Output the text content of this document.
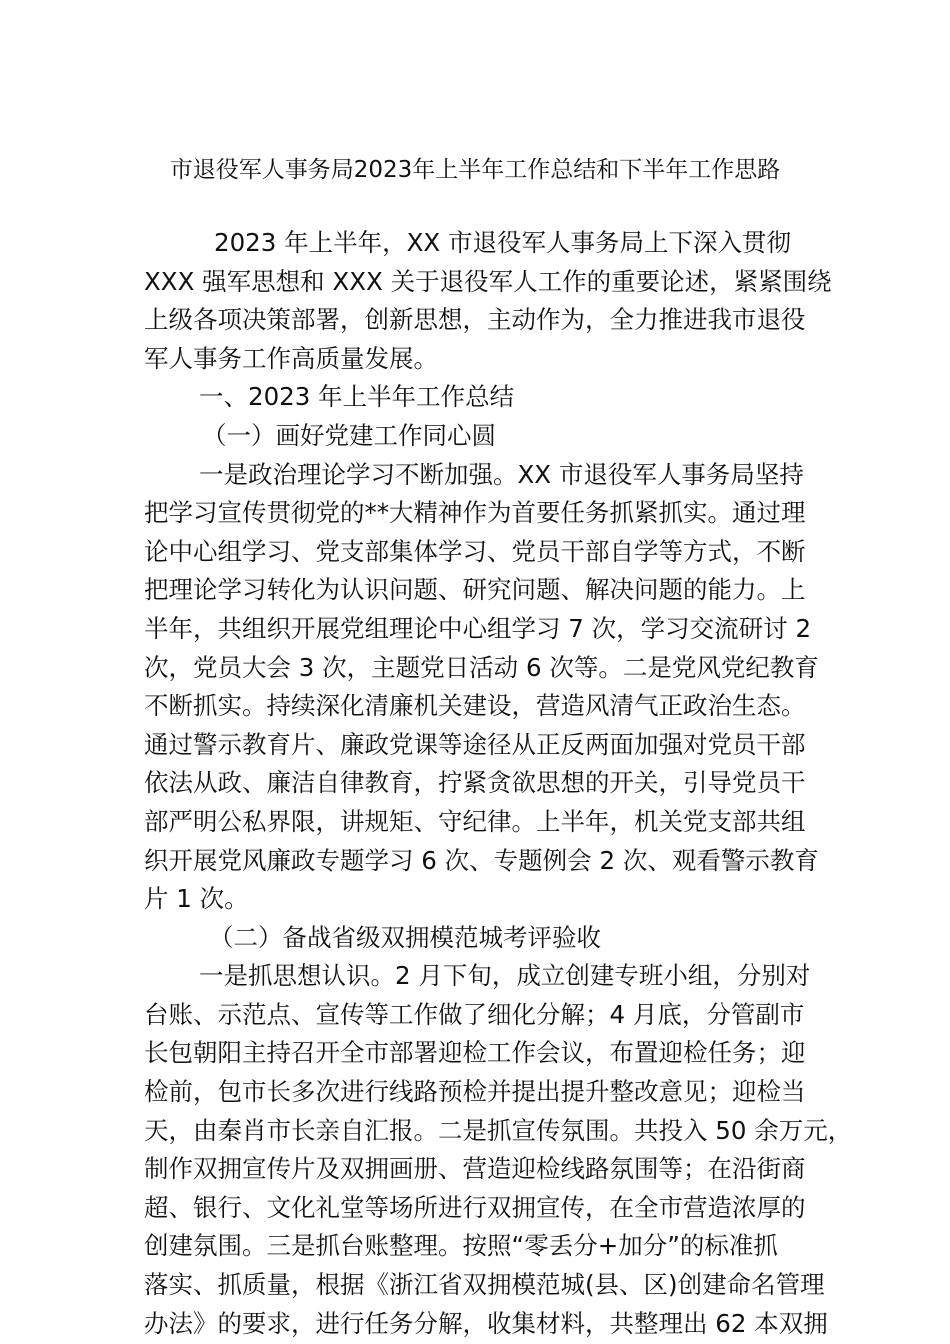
市退役军人事务局2023年上半年工作总结和下半年工作思路
2023 年上半年，XX 市退役军人事务局上下深入贯彻
XXX 强军思想和 XXX 关于退役军人工作的重要论述，紧紧围绕
上级各项决策部署，创新思想，主动作为，全力推进我市退役
军人事务工作高质量发展。
一、2023 年上半年工作总结
（一）画好党建工作同心圆
一是政治理论学习不断加强。XX 市退役军人事务局坚持
把学习宣传贯彻党的**大精神作为首要任务抓紧抓实。通过理
论中心组学习、党支部集体学习、党员干部自学等方式，不断
把理论学习转化为认识问题、研究问题、解决问题的能力。上
半年，共组织开展党组理论中心组学习 7 次，学习交流研讨 2
次，党员大会 3 次，主题党日活动 6 次等。二是党风党纪教育
不断抓实。持续深化清廉机关建设，营造风清气正政治生态。
通过警示教育片、廉政党课等途径从正反两面加强对党员干部
依法从政、廉洁自律教育，拧紧贪欲思想的开关，引导党员干
部严明公私界限，讲规矩、守纪律。上半年，机关党支部共组
织开展党风廉政专题学习 6 次、专题例会 2 次、观看警示教育
片 1 次。
（二）备战省级双拥模范城考评验收
一是抓思想认识。2 月下旬，成立创建专班小组，分别对
台账、示范点、宣传等工作做了细化分解；4 月底，分管副市
长包朝阳主持召开全市部署迎检工作会议，布置迎检任务；迎
检前，包市长多次进行线路预检并提出提升整改意见；迎检当
天，由秦肖市长亲自汇报。二是抓宣传氛围。共投入 50 余万元，
制作双拥宣传片及双拥画册、营造迎检线路氛围等；在沿街商
超、银行、文化礼堂等场所进行双拥宣传，在全市营造浓厚的
创建氛围。三是抓台账整理。按照“零丢分+加分”的标准抓
落实、抓质量，根据《浙江省双拥模范城(县、区)创建命名管理
办法》的要求，进行任务分解，收集材料，共整理出 62 本双拥
